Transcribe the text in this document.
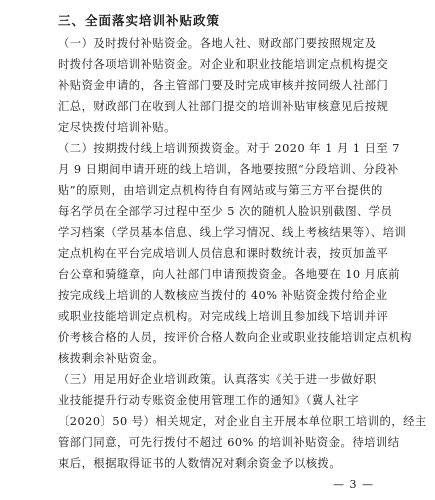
三、全面落实培训补贴政策

（一）及时拨付补贴资金。各地人社、财政部门要按照规定及
时拨付各项培训补贴资金。对企业和职业技能培训定点机构提交
补贴资金申请的，各主管部门要及时完成审核并按同级人社部门
汇总，财政部门在收到人社部门提交的培训补贴审核意见后按规
定尽快拨付培训补贴。

（二）按期拨付线上培训预拨资金。对于 2020 年 1 月 1 日至 7
月 9 日期间申请开班的线上培训，各地要按照“分段培训、分段补
贴”的原则，由培训定点机构待自有网站或与第三方平台提供的
每名学员在全部学习过程中至少 5 次的随机人脸识别截图、学员
学习档案（学员基本信息、线上学习情况、线上考核结果等）、培训
定点机构在平台完成培训人员信息和课时数统计表，按页加盖平
台公章和骑缝章，向人社部门申请预拨资金。各地要在 10 月底前
按完成线上培训的人数核应当拨付的 40% 补贴资金拨付给企业
或职业技能培训定点机构。对完成线上培训且参加线下培训并评
价考核合格的人员，按评价合格人数向企业或职业技能培训定点机构
核拨剩余补贴资金。

（三）用足用好企业培训政策。认真落实《关于进一步做好职
业技能提升行动专账资金使用管理工作的通知》（冀人社字
〔2020〕50 号）相关规定，对企业自主开展本单位职工培训的，经主
管部门同意，可先行拨付不超过 60% 的培训补贴资金。待培训结
束后，根据取得证书的人数情况对剩余资金予以核拨。

— 3 —
